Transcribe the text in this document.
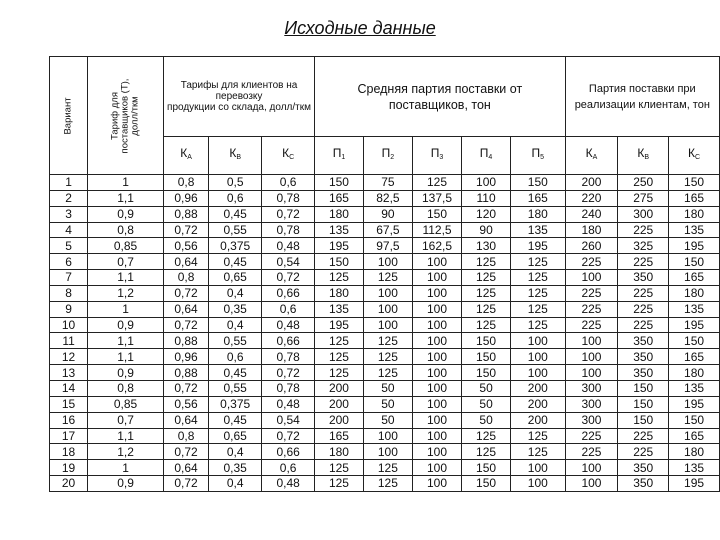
Исходные данные
Вариант	Тариф для
поставщиков (Т),
долл/ткм	Тарифы для клиентов на перевозку
продукции со склада, долл/ткм			Средняя партия поставки от
поставщиков, тон					Партия поставки при
реализации клиентам, тон		
		$К_А$	$К_В$	$К_С$	$П_1$	$П_2$	$П_3$	$П_4$	$П_5$	$К_А$	$К_В$	$К_С$
1	1	0,8	0,5	0,6	150	75	125	100	150	200	250	150
2	1,1	0,96	0,6	0,78	165	82,5	137,5	110	165	220	275	165
3	0,9	0,88	0,45	0,72	180	90	150	120	180	240	300	180
4	0,8	0,72	0,55	0,78	135	67,5	112,5	90	135	180	225	135
5	0,85	0,56	0,375	0,48	195	97,5	162,5	130	195	260	325	195
6	0,7	0,64	0,45	0,54	150	100	100	125	125	225	225	150
7	1,1	0,8	0,65	0,72	125	125	100	125	125	100	350	165
8	1,2	0,72	0,4	0,66	180	100	100	125	125	225	225	180
9	1	0,64	0,35	0,6	135	100	100	125	125	225	225	135
10	0,9	0,72	0,4	0,48	195	100	100	125	125	225	225	195
11	1,1	0,88	0,55	0,66	125	125	100	150	100	100	350	150
12	1,1	0,96	0,6	0,78	125	125	100	150	100	100	350	165
13	0,9	0,88	0,45	0,72	125	125	100	150	100	100	350	180
14	0,8	0,72	0,55	0,78	200	50	100	50	200	300	150	135
15	0,85	0,56	0,375	0,48	200	50	100	50	200	300	150	195
16	0,7	0,64	0,45	0,54	200	50	100	50	200	300	150	150
17	1,1	0,8	0,65	0,72	165	100	100	125	125	225	225	165
18	1,2	0,72	0,4	0,66	180	100	100	125	125	225	225	180
19	1	0,64	0,35	0,6	125	125	100	150	100	100	350	135
20	0,9	0,72	0,4	0,48	125	125	100	150	100	100	350	195
